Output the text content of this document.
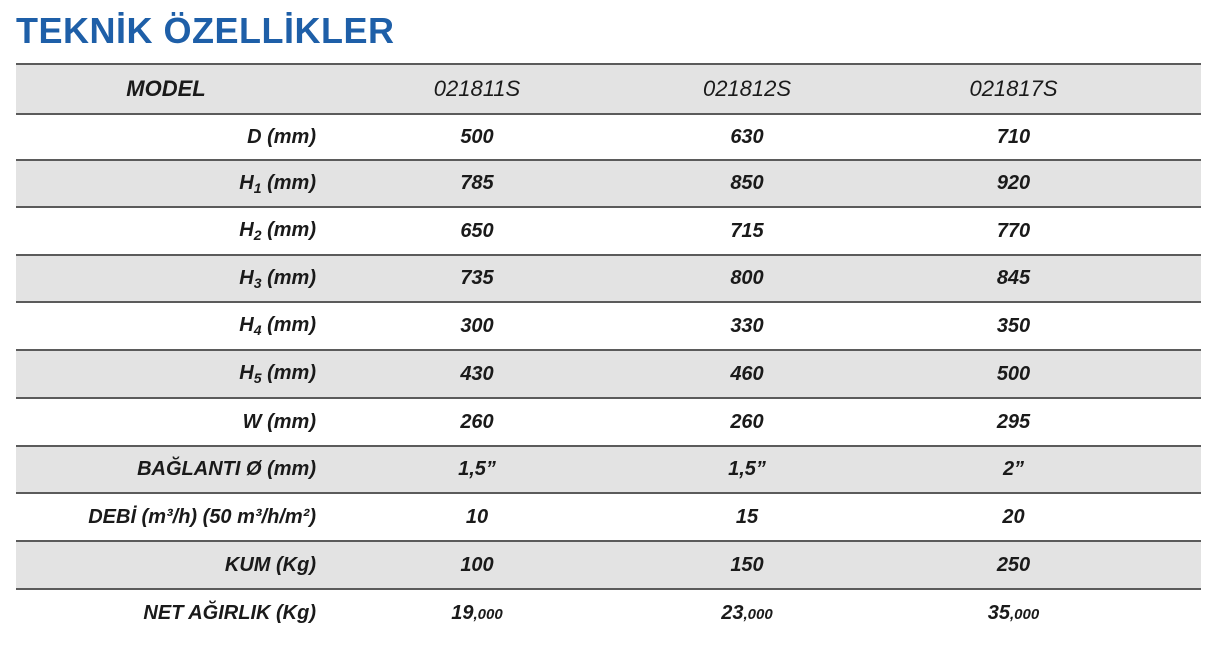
TEKNİK ÖZELLİKLER
MODEL	021811S	021812S	021817S	
D (mm)	500	630	710	
$H_1$ (mm)	785	850	920	
$H_2$ (mm)	650	715	770	
$H_3$ (mm)	735	800	845	
$H_4$ (mm)	300	330	350	
$H_5$ (mm)	430	460	500	
W (mm)	260	260	295	
BAĞLANTI Ø (mm)	1,5”	1,5”	2”	
DEBİ (m³/h) (50 m³/h/m²)	10	15	20	
KUM (Kg)	100	150	250	
NET AĞIRLIK (Kg)	19,000	23,000	35,000	
